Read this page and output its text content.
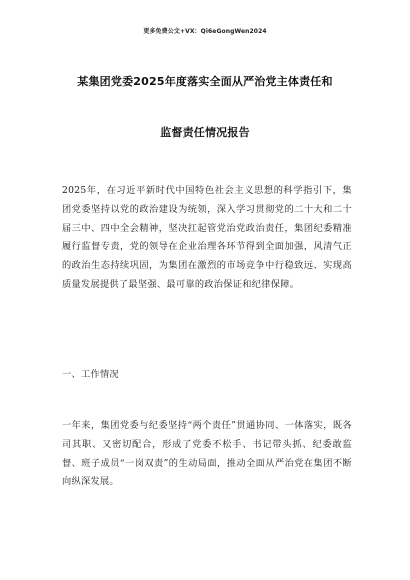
更多免费公文+VX：Qi6eGongWen2024
某集团党委2025年度落实全面从严治党主体责任和
监督责任情况报告
2025年，在习近平新时代中国特色社会主义思想的科学指引下，集团党委坚持以党的政治建设为统领，深入学习贯彻党的二十大和二十届三中、四中全会精神，坚决扛起管党治党政治责任，集团纪委精准履行监督专责，党的领导在企业治理各环节得到全面加强，风清气正的政治生态持续巩固，为集团在激烈的市场竞争中行稳致远、实现高质量发展提供了最坚强、最可靠的政治保证和纪律保障。
一、工作情况
一年来，集团党委与纪委坚持“两个责任”贯通协同、一体落实，既各司其职、又密切配合，形成了党委不松手、书记带头抓、纪委敢监督、班子成员“一岗双责”的生动局面，推动全面从严治党在集团不断向纵深发展。
